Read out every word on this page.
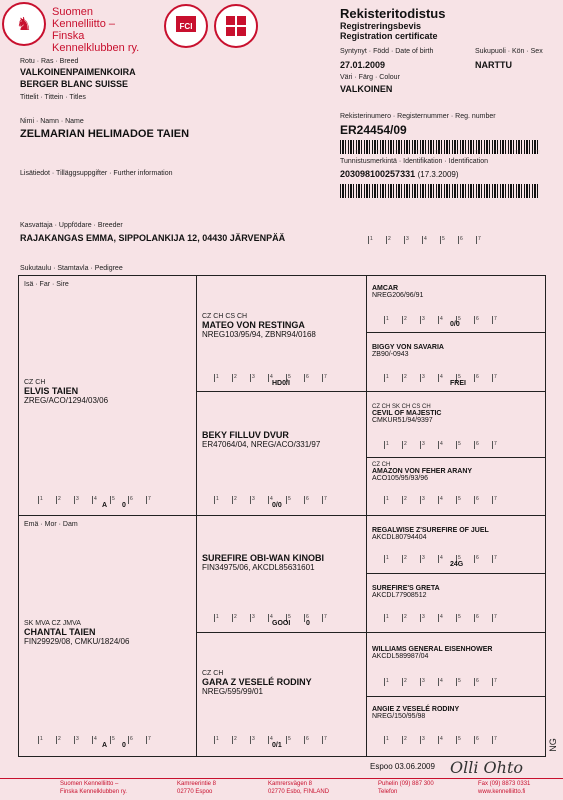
♞
Suomen
Kennelliitto –
Finska
Kennelklubben ry.
FCI
Rekisteritodistus
Registreringsbevis
Registration certificate
Rotu · Ras · Breed
VALKOINENPAIMENKOIRA
BERGER BLANC SUISSE
Tittelit · Tittein · Titles
Syntynyt · Född · Date of birth	Sukupuoli · Kön · Sex
27.01.2009	NARTTU
Väri · Färg · Colour
VALKOINEN
Nimi · Namn · Name
ZELMARIAN HELIMADOE TAIEN
Rekisterinumero · Registernummer · Reg. number
ER24454/09
Tunnistusmerkintä · Identifikation · Identification
203098100257331 (17.3.2009)
Lisätiedot · Tilläggsuppgifter · Further information
Kasvattaja · Uppfödare · Breeder
RAJAKANGAS EMMA, SIPPOLANKIJA 12, 04430 JÄRVENPÄÄ	1	2	3	4	5	6	7
Sukutaulu · Stamtavla · Pedigree
Isä · Far · Sire
CZ CH
ELVIS TAIEN
ZREG/ACO/1294/03/06
1	2	3	4	5	6	7
A 0
CZ CH CS CH
MATEO VON RESTINGA
NREG103/95/94, ZBNR94/0168
1	2	3	4	5	6	7
HD0/I
BEKY FILLUV DVUR
ER47064/04, NREG/ACO/331/97
1	2	3	4	5	6	7
0/0
AMCAR
NREG206/96/91
1	2	3	4	5	6	7
0/0
BIGGY VON SAVARIA
ZB90/-0943
1	2	3	4	5	6	7
FREI
CZ CH SK CH CS CH
CEVIL OF MAJESTIC
CMKUR51/94/9397
1	2	3	4	5	6	7
CZ CH
AMAZON VON FEHER ARANY
ACO105/95/93/96
1	2	3	4	5	6	7
Emä · Mor · Dam
SK MVA CZ JMVA
CHANTAL TAIEN
FIN29929/08, CMKU/1824/06
1	2	3	4	5	6	7
A 0
SUREFIRE OBI-WAN KINOBI
FIN34975/06, AKCDL85631601
1	2	3	4	5	6	7
GOOI 0
CZ CH
GARA Z VESELÉ RODINY
NREG/595/99/01
1	2	3	4	5	6	7
0/1
REGALWISE Z'SUREFIRE OF JUEL
AKCDL80794404
1	2	3	4	5	6	7
24G
SUREFIRE'S GRETA
AKCDL77908512
1	2	3	4	5	6	7
WILLIAMS GENERAL EISENHOWER
AKCDL589987/04
1	2	3	4	5	6	7
ANGIE Z VESELÉ RODINY
NREG/150/95/98
1	2	3	4	5	6	7	NG
Espoo 03.06.2009 Olli Ohto
Suomen Kennelliitto –
Finska Kennelklubben ry.
Kamreerintie 8
02770 Espoo
Kamrersvägen 8
02770 Esbo, FINLAND
Puhelin (09) 887 300
Telefon
Fax (09) 8873 0331
www.kennelliitto.fi
